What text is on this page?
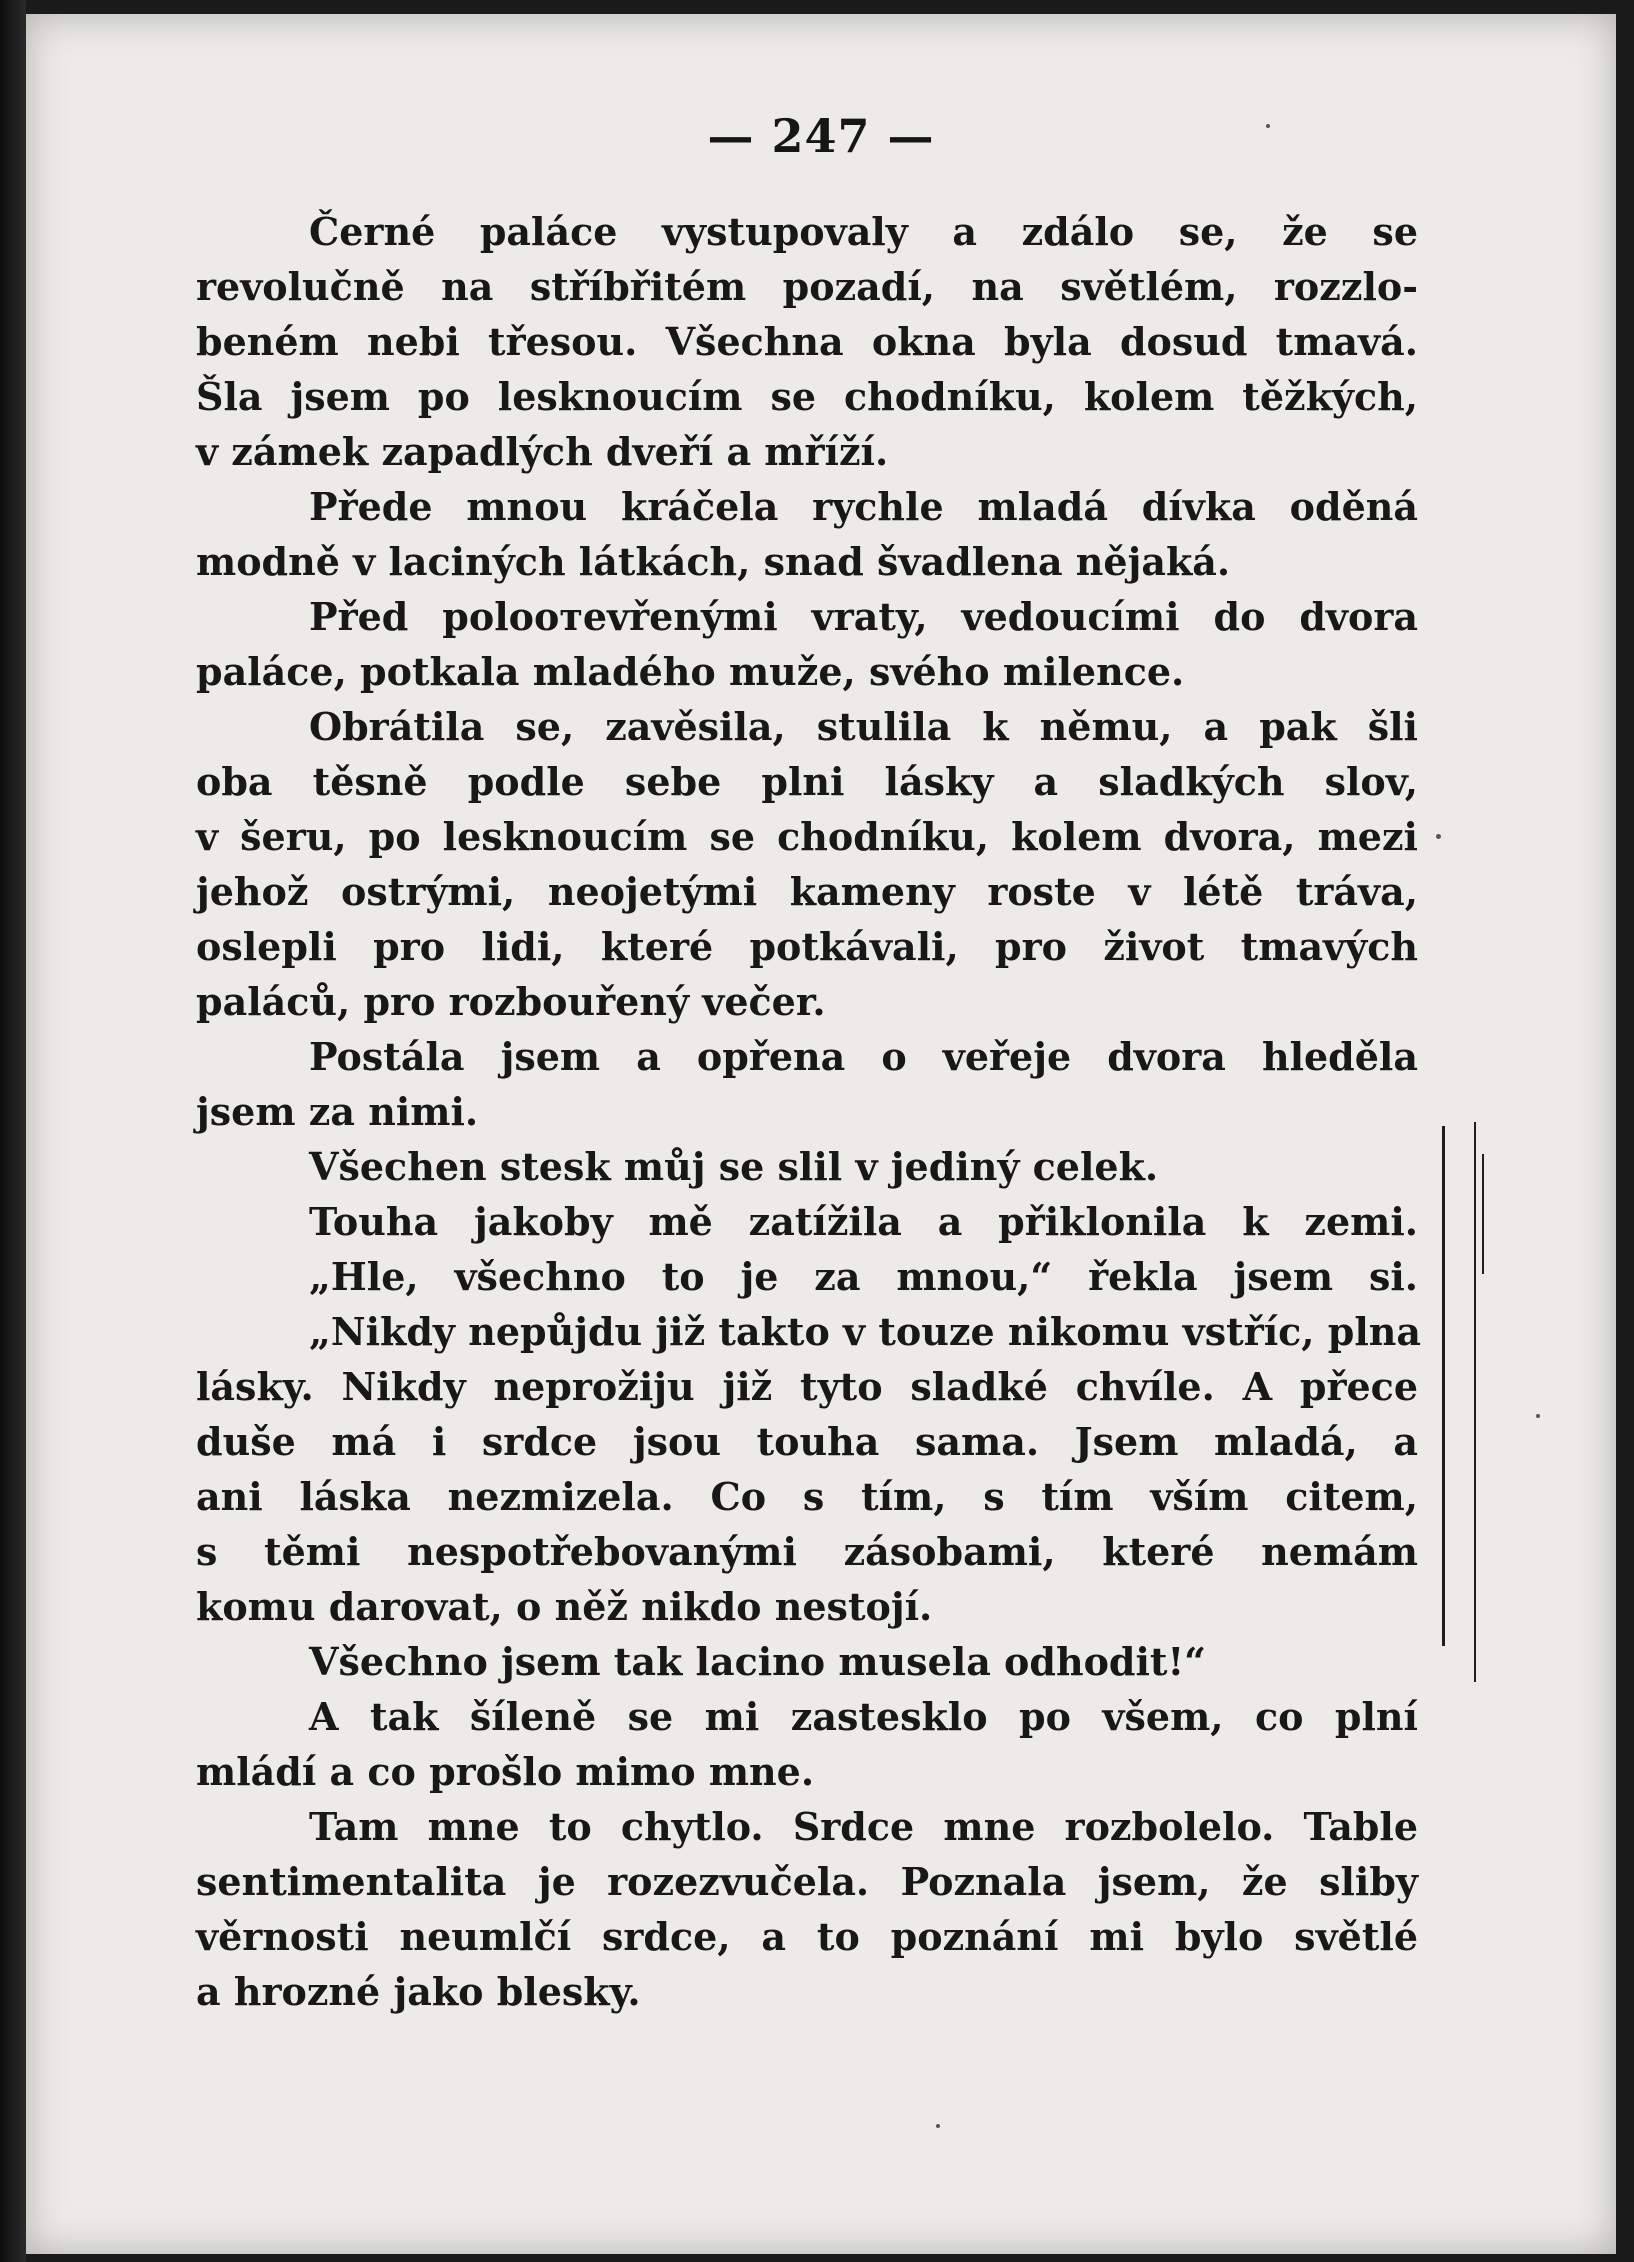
— 247 —
Černé paláce vystupovaly a zdálo se, že se
revolučně na stříbřitém pozadí, na světlém, rozzlo-
beném nebi třesou. Všechna okna byla dosud tmavá.
Šla jsem po lesknoucím se chodníku, kolem těžkých,
v zámek zapadlých dveří a mříží.
Přede mnou kráčela rychle mladá dívka oděná
modně v laciných látkách, snad švadlena nějaká.
Před poloотevřenými vraty, vedoucími do dvora
paláce, potkala mladého muže, svého milence.
Obrátila se, zavěsila, stulila k němu, a pak šli
oba těsně podle sebe plni lásky a sladkých slov,
v šeru, po lesknoucím se chodníku, kolem dvora, mezi
jehož ostrými, neojetými kameny roste v létě tráva,
oslepli pro lidi, které potkávali, pro život tmavých
paláců, pro rozbouřený večer.
Postála jsem a opřena o veřeje dvora hleděla
jsem za nimi.
Všechen stesk můj se slil v jediný celek.
Touha jakoby mě zatížila a přiklonila k zemi.
„Hle, všechno to je za mnou,“ řekla jsem si.
„Nikdy nepůjdu již takto v touze nikomu vstříc, plna
lásky. Nikdy neprožiju již tyto sladké chvíle. A přece
duše má i srdce jsou touha sama. Jsem mladá, a
ani láska nezmizela. Co s tím, s tím vším citem,
s těmi nespotřebovanými zásobami, které nemám
komu darovat, o něž nikdo nestojí.
Všechno jsem tak lacino musela odhodit!“
A tak šíleně se mi zastesklo po všem, co plní
mládí a co prošlo mimo mne.
Tam mne to chytlo. Srdce mne rozbolelo. Table
sentimentalita je rozezvučela. Poznala jsem, že sliby
věrnosti neumlčí srdce, a to poznání mi bylo světlé
a hrozné jako blesky.
